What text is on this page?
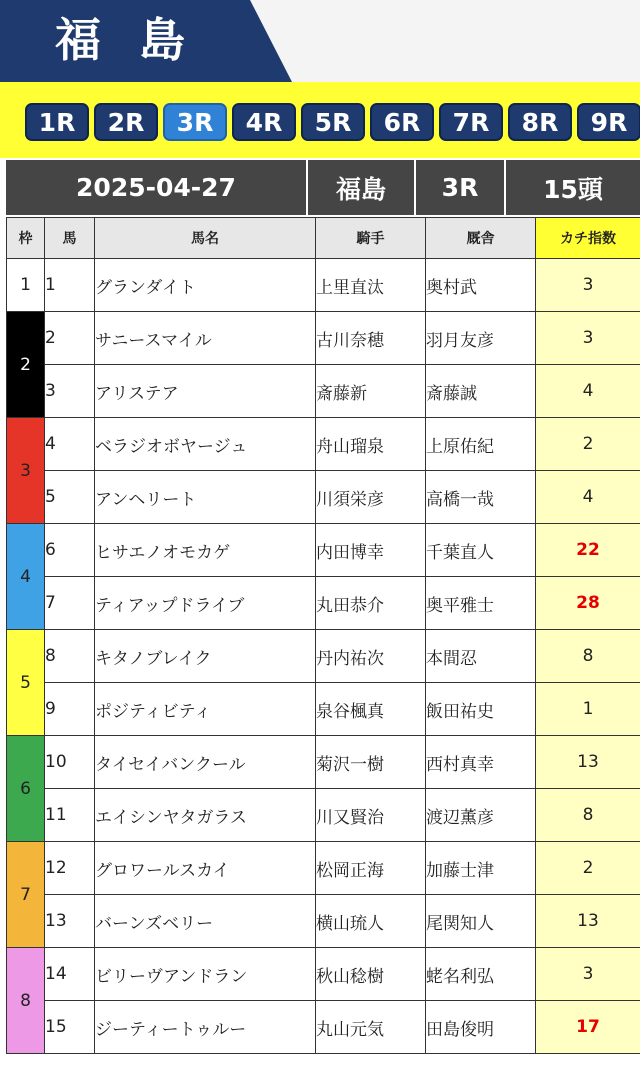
福島
1R	2R	3R	4R	5R	6R	7R	8R	9R
2025-04-27	福島	3R	15頭
枠	馬	馬名	騎手	厩舎	カチ指数
1	1	グランダイト	上里直汰	奥村武	3
2	2	サニースマイル	古川奈穂	羽月友彦	3
	3	アリステア	斎藤新	斎藤誠	4
3	4	ベラジオボヤージュ	舟山瑠泉	上原佑紀	2
	5	アンヘリート	川須栄彦	高橋一哉	4
4	6	ヒサエノオモカゲ	内田博幸	千葉直人	22
	7	ティアップドライブ	丸田恭介	奥平雅士	28
5	8	キタノブレイク	丹内祐次	本間忍	8
	9	ポジティビティ	泉谷楓真	飯田祐史	1
6	10	タイセイバンクール	菊沢一樹	西村真幸	13
	11	エイシンヤタガラス	川又賢治	渡辺薫彦	8
7	12	グロワールスカイ	松岡正海	加藤士津	2
	13	バーンズベリー	横山琉人	尾関知人	13
8	14	ビリーヴアンドラン	秋山稔樹	蛯名利弘	3
	15	ジーティートゥルー	丸山元気	田島俊明	17
